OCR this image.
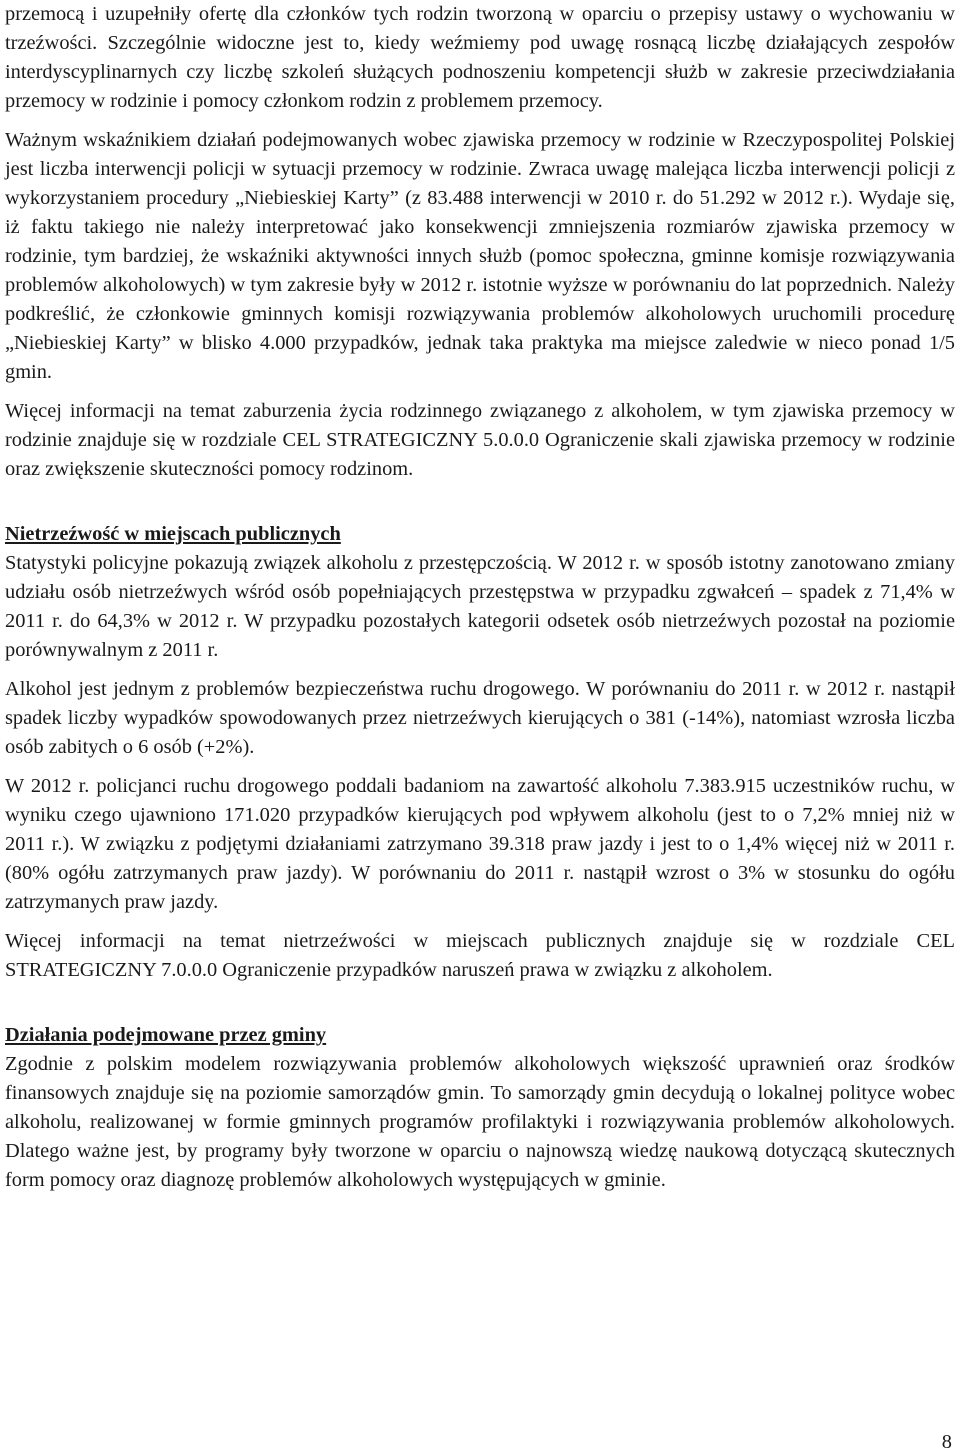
przemocą i uzupełniły ofertę dla członków tych rodzin tworzoną w oparciu o przepisy ustawy o wychowaniu w trzeźwości. Szczególnie widoczne jest to, kiedy weźmiemy pod uwagę rosnącą liczbę działających zespołów interdyscyplinarnych czy liczbę szkoleń służących podnoszeniu kompetencji służb w zakresie przeciwdziałania przemocy w rodzinie i pomocy członkom rodzin z problemem przemocy.

Ważnym wskaźnikiem działań podejmowanych wobec zjawiska przemocy w rodzinie w Rzeczypospolitej Polskiej jest liczba interwencji policji w sytuacji przemocy w rodzinie. Zwraca uwagę malejąca liczba interwencji policji z wykorzystaniem procedury „Niebieskiej Karty” (z 83.488 interwencji w 2010 r. do 51.292 w 2012 r.). Wydaje się, iż faktu takiego nie należy interpretować jako konsekwencji zmniejszenia rozmiarów zjawiska przemocy w rodzinie, tym bardziej, że wskaźniki aktywności innych służb (pomoc społeczna, gminne komisje rozwiązywania problemów alkoholowych) w tym zakresie były w 2012 r. istotnie wyższe w porównaniu do lat poprzednich. Należy podkreślić, że członkowie gminnych komisji rozwiązywania problemów alkoholowych uruchomili procedurę „Niebieskiej Karty” w blisko 4.000 przypadków, jednak taka praktyka ma miejsce zaledwie w nieco ponad 1/5 gmin.

Więcej informacji na temat zaburzenia życia rodzinnego związanego z alkoholem, w tym zjawiska przemocy w rodzinie znajduje się w rozdziale CEL STRATEGICZNY 5.0.0.0 Ograniczenie skali zjawiska przemocy w rodzinie oraz zwiększenie skuteczności pomocy rodzinom.

Nietrzeźwość w miejscach publicznych

Statystyki policyjne pokazują związek alkoholu z przestępczością. W 2012 r. w sposób istotny zanotowano zmiany udziału osób nietrzeźwych wśród osób popełniających przestępstwa w przypadku zgwałceń – spadek z 71,4% w 2011 r. do 64,3% w 2012 r. W przypadku pozostałych kategorii odsetek osób nietrzeźwych pozostał na poziomie porównywalnym z 2011 r.

Alkohol jest jednym z problemów bezpieczeństwa ruchu drogowego. W porównaniu do 2011 r. w 2012 r. nastąpił spadek liczby wypadków spowodowanych przez nietrzeźwych kierujących o 381 (-14%), natomiast wzrosła liczba osób zabitych o 6 osób (+2%).

W 2012 r. policjanci ruchu drogowego poddali badaniom na zawartość alkoholu 7.383.915 uczestników ruchu, w wyniku czego ujawniono 171.020 przypadków kierujących pod wpływem alkoholu (jest to o 7,2% mniej niż w 2011 r.). W związku z podjętymi działaniami zatrzymano 39.318 praw jazdy i jest to o 1,4% więcej niż w 2011 r. (80% ogółu zatrzymanych praw jazdy). W porównaniu do 2011 r. nastąpił wzrost o 3% w stosunku do ogółu zatrzymanych praw jazdy.

Więcej informacji na temat nietrzeźwości w miejscach publicznych znajduje się w rozdziale CEL STRATEGICZNY 7.0.0.0 Ograniczenie przypadków naruszeń prawa w związku z alkoholem.

Działania podejmowane przez gminy

Zgodnie z polskim modelem rozwiązywania problemów alkoholowych większość uprawnień oraz środków finansowych znajduje się na poziomie samorządów gmin. To samorządy gmin decydują o lokalnej polityce wobec alkoholu, realizowanej w formie gminnych programów profilaktyki i rozwiązywania problemów alkoholowych. Dlatego ważne jest, by programy były tworzone w oparciu o najnowszą wiedzę naukową dotyczącą skutecznych form pomocy oraz diagnozę problemów alkoholowych występujących w gminie.

8
